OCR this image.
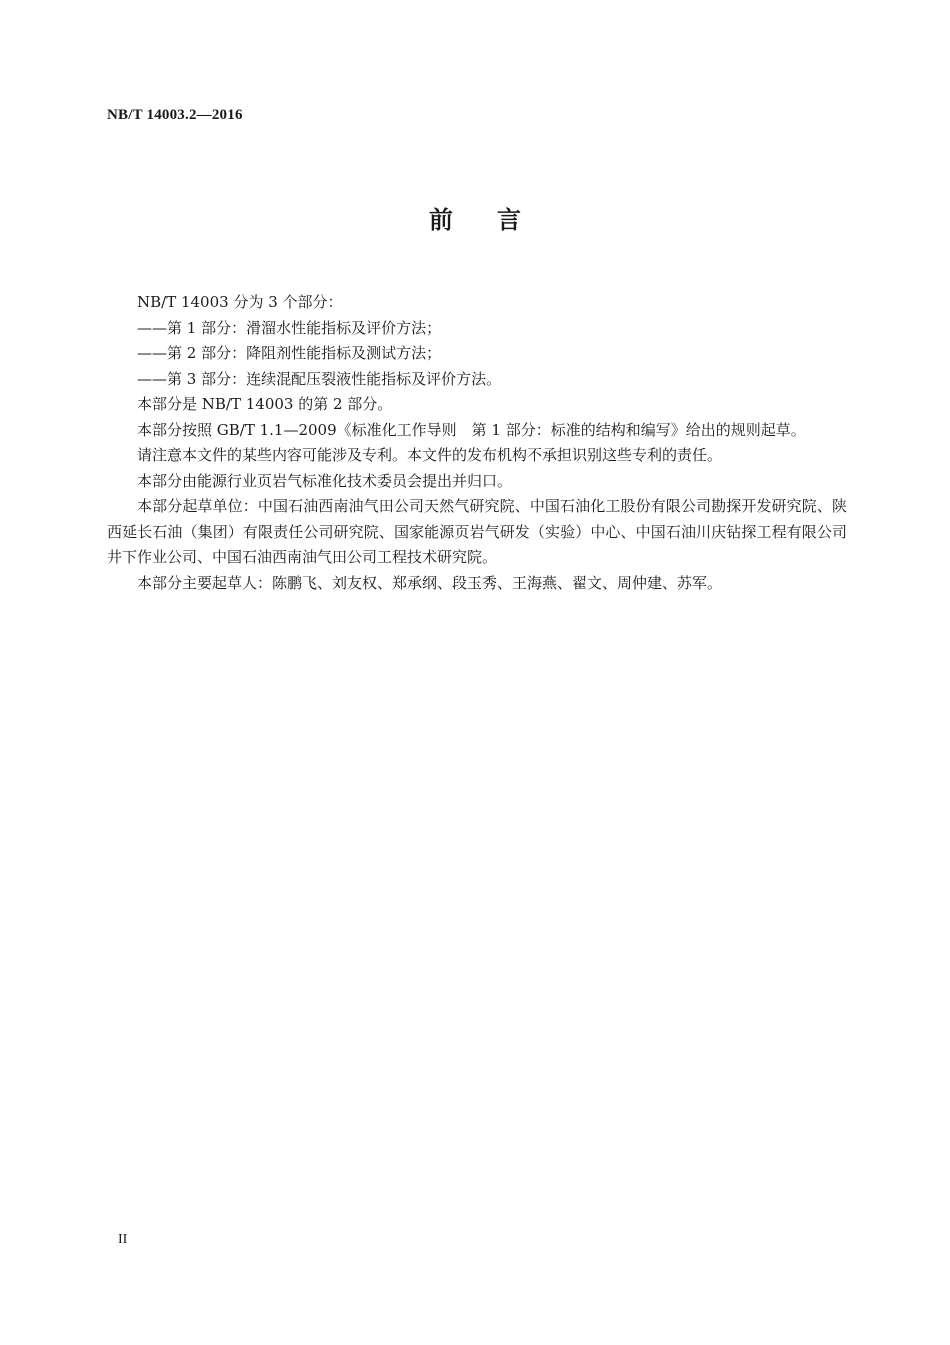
NB/T 14003.2—2016
前言

NB/T 14003 分为 3 个部分：

——第 1 部分：滑溜水性能指标及评价方法；

——第 2 部分：降阻剂性能指标及测试方法；

——第 3 部分：连续混配压裂液性能指标及评价方法。

本部分是 NB/T 14003 的第 2 部分。

本部分按照 GB/T 1.1—2009《标准化工作导则　第 1 部分：标准的结构和编写》给出的规则起草。

请注意本文件的某些内容可能涉及专利。本文件的发布机构不承担识别这些专利的责任。

本部分由能源行业页岩气标准化技术委员会提出并归口。

本部分起草单位：中国石油西南油气田公司天然气研究院、中国石油化工股份有限公司勘探开发研究院、陕西延长石油（集团）有限责任公司研究院、国家能源页岩气研发（实验）中心、中国石油川庆钻探工程有限公司井下作业公司、中国石油西南油气田公司工程技术研究院。

本部分主要起草人：陈鹏飞、刘友权、郑承纲、段玉秀、王海燕、翟文、周仲建、苏军。

II
